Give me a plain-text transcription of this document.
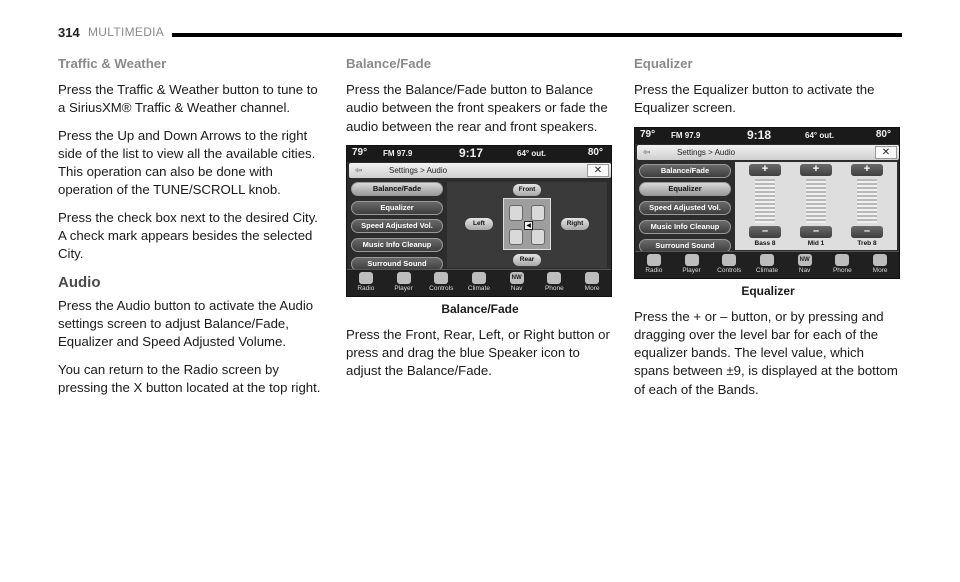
314 MULTIMEDIA
Traffic & Weather

Press the Traffic & Weather button to tune to a SiriusXM® Traffic & Weather channel.

Press the Up and Down Arrows to the right side of the list to view all the available cities. This operation can also be done with operation of the TUNE/SCROLL knob.

Press the check box next to the desired City. A check mark appears besides the selected City.

Audio

Press the Audio button to activate the Audio settings screen to adjust Balance/Fade, Equalizer and Speed Adjusted Volume.

You can return to the Radio screen by pressing the X button located at the top right.

Balance/Fade

Press the Balance/Fade button to Balance audio between the front speakers or fade the audio between the rear and front speakers.

79° FM 97.9	9:17	64° out.	80°
⇦	Settings > Audio	✕
Balance/Fade
Equalizer
Speed Adjusted Vol.
Music Info Cleanup
Surround Sound
Front
Rear
Left	Right
◀
Radio	Player	Controls	Climate
NW
Nav	Phone	More
Balance/Fade

Press the Front, Rear, Left, or Right button or press and drag the blue Speaker icon to adjust the Balance/Fade.

Equalizer

Press the Equalizer button to activate the Equalizer screen.

79° FM 97.9	9:18	64° out.	80°
⇦	Settings > Audio	✕
Balance/Fade
Equalizer
Speed Adjusted Vol.
Music Info Cleanup
Surround Sound
+
–
Bass 8
+
–
Mid 1
+
–
Treb 8
Radio	Player	Controls	Climate
NW
Nav	Phone	More
Equalizer

Press the + or – button, or by pressing and dragging over the level bar for each of the equalizer bands. The level value, which spans between ±9, is displayed at the bottom of each of the Bands.
